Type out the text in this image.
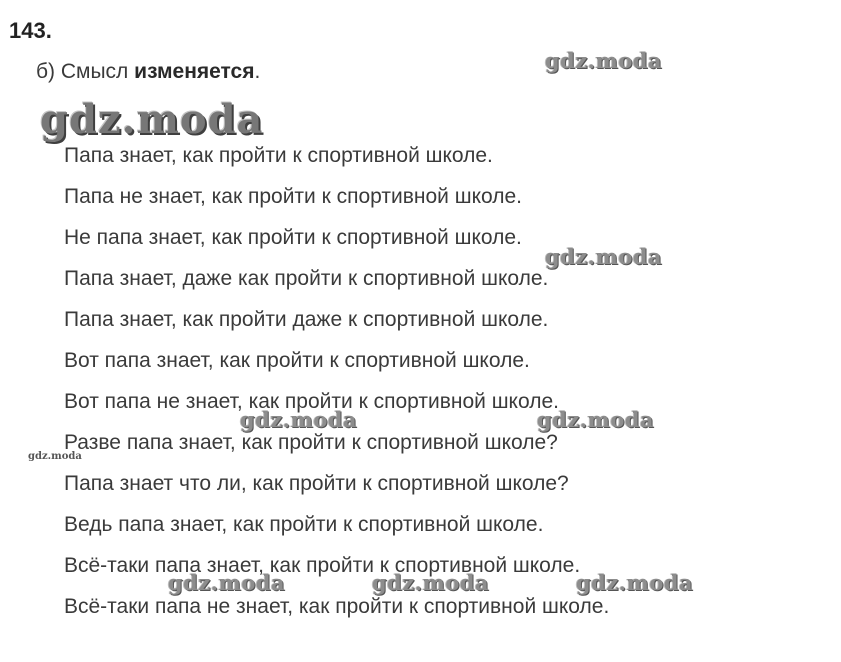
143.
б) Смысл изменяется.
Папа знает, как пройти к спортивной школе.
Папа не знает, как пройти к спортивной школе.
Не папа знает, как пройти к спортивной школе.
Папа знает, даже как пройти к спортивной школе.
Папа знает, как пройти даже к спортивной школе.
Вот папа знает, как пройти к спортивной школе.
Вот папа не знает, как пройти к спортивной школе.
Разве папа знает, как пройти к спортивной школе?
Папа знает что ли, как пройти к спортивной школе?
Ведь папа знает, как пройти к спортивной школе.
Всё-таки папа знает, как пройти к спортивной школе.
Всё-таки папа не знает, как пройти к спортивной школе.
gdz.moda
gdz.moda
gdz.moda
gdz.moda	gdz.moda
gdz.moda
gdz.moda	gdz.moda	gdz.moda
